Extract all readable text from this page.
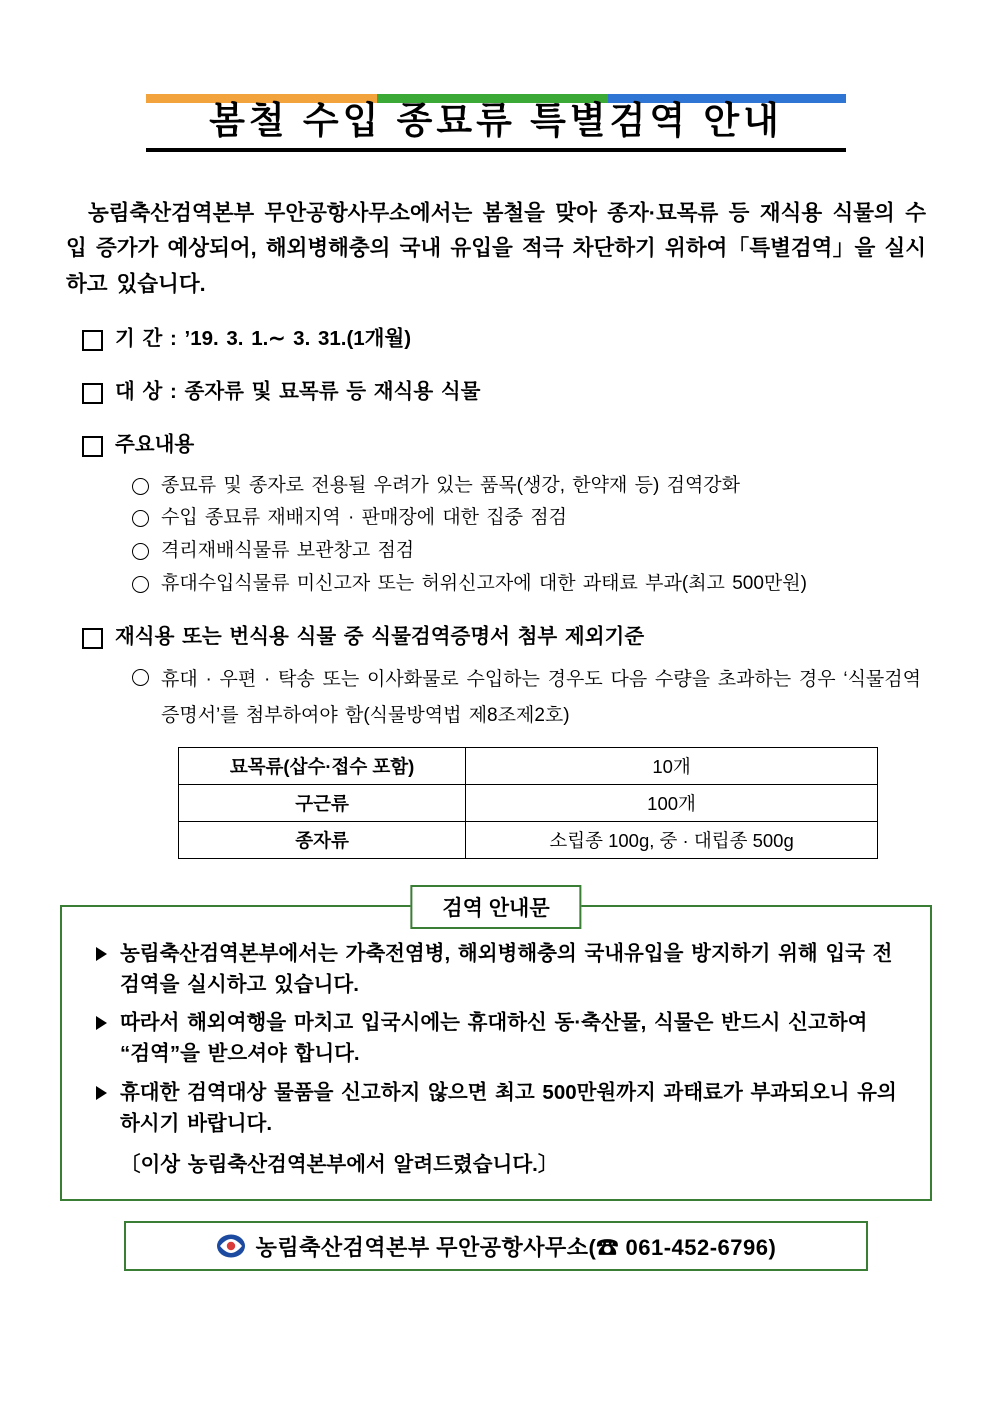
봄철 수입 종묘류 특별검역 안내

농림축산검역본부 무안공항사무소에서는 봄철을 맞아 종자·묘목류 등 재식용 식물의 수입 증가가 예상되어, 해외병해충의 국내 유입을 적극 차단하기 위하여「특별검역」을 실시하고 있습니다.

기 간 : ’19. 3. 1.∼ 3. 31.(1개월)
대 상 : 종자류 및 묘목류 등 재식용 식물
주요내용
종묘류 및 종자로 전용될 우려가 있는 품목(생강, 한약재 등) 검역강화
수입 종묘류 재배지역 · 판매장에 대한 집중 점검
격리재배식물류 보관창고 점검
휴대수입식물류 미신고자 또는 허위신고자에 대한 과태료 부과(최고 500만원)
재식용 또는 번식용 식물 중 식물검역증명서 첨부 제외기준
휴대 · 우편 · 탁송 또는 이사화물로 수입하는 경우도 다음 수량을 초과하는 경우 ‘식물검역증명서’를 첨부하여야 함(식물방역법 제8조제2호)
묘목류(삽수·접수 포함)	10개
구근류	100개
종자류	소립종 100g, 중 · 대립종 500g
검역 안내문
농림축산검역본부에서는 가축전염병, 해외병해충의 국내유입을 방지하기 위해 입국 전 검역을 실시하고 있습니다.
따라서 해외여행을 마치고 입국시에는 휴대하신 동·축산물, 식물은 반드시 신고하여 “검역”을 받으셔야 합니다.
휴대한 검역대상 물품을 신고하지 않으면 최고 500만원까지 과태료가 부과되오니 유의하시기 바랍니다.
〔이상 농림축산검역본부에서 알려드렸습니다.〕
농림축산검역본부 무안공항사무소(☎ 061-452-6796)
